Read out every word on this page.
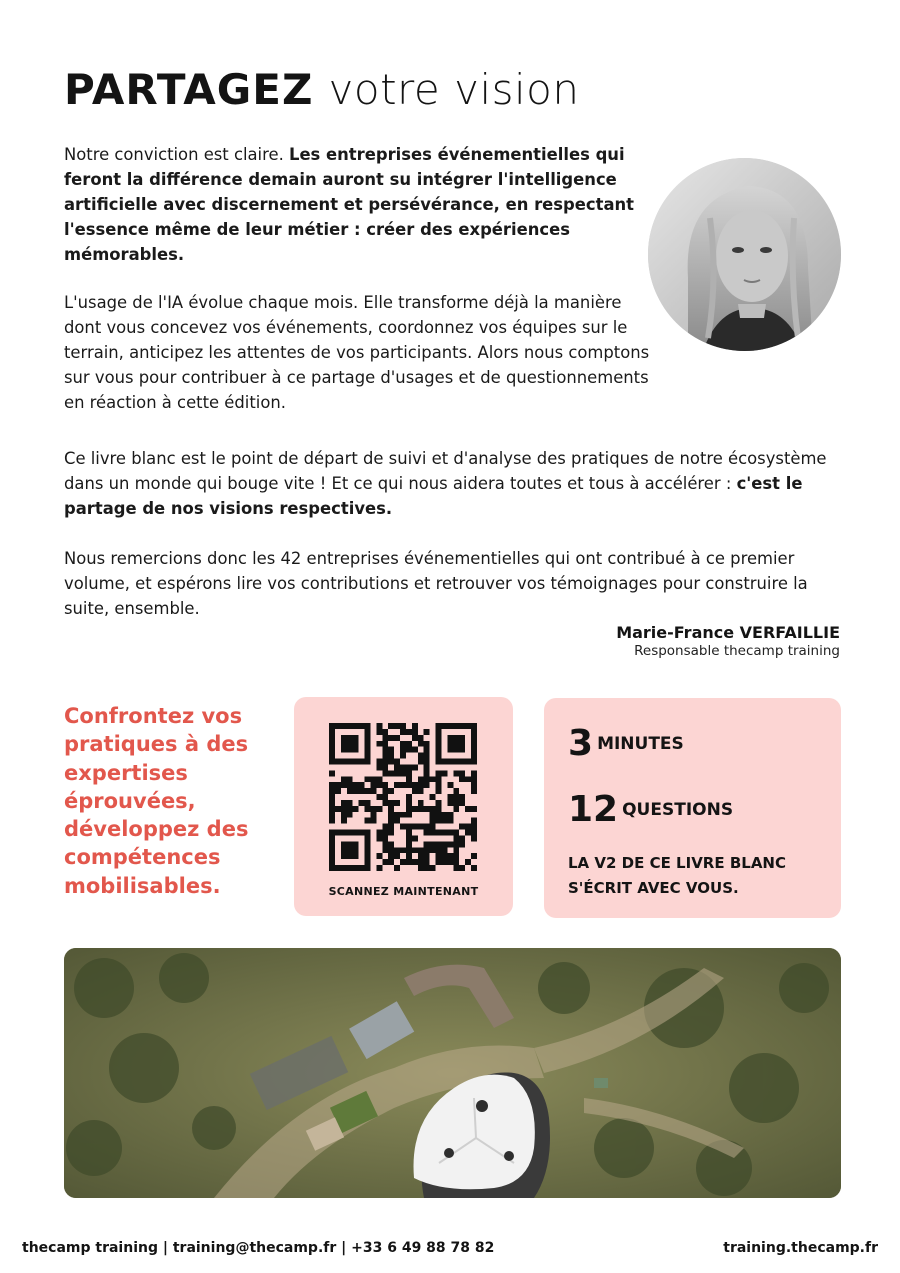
PARTAGEZ votre vision

Notre conviction est claire. Les entreprises événementielles qui feront la différence demain auront su intégrer l'intelligence artificielle avec discernement et persévérance, en respectant l'essence même de leur métier : créer des expériences mémorables.

L'usage de l'IA évolue chaque mois. Elle transforme déjà la manière dont vous concevez vos événements, coordonnez vos équipes sur le terrain, anticipez les attentes de vos participants. Alors nous comptons sur vous pour contribuer à ce partage d'usages et de questionnements en réaction à cette édition.

Ce livre blanc est le point de départ de suivi et d'analyse des pratiques de notre écosystème dans un monde qui bouge vite ! Et ce qui nous aidera toutes et tous à accélérer : c'est le partage de nos visions respectives.

Nous remercions donc les 42 entreprises événementielles qui ont contribué à ce premier volume, et espérons lire vos contributions et retrouver vos témoignages pour construire la suite, ensemble.

Marie-France VERFAILLIE
Responsable thecamp training
Confrontez vos pratiques à des expertises éprouvées, développez des compétences mobilisables.	SCANNEZ MAINTENANT
3 MINUTES
12 QUESTIONS
LA V2 DE CE LIVRE BLANC S'ÉCRIT AVEC VOUS.
thecamp training | training@thecamp.fr | +33 6 49 88 78 82	training.thecamp.fr
